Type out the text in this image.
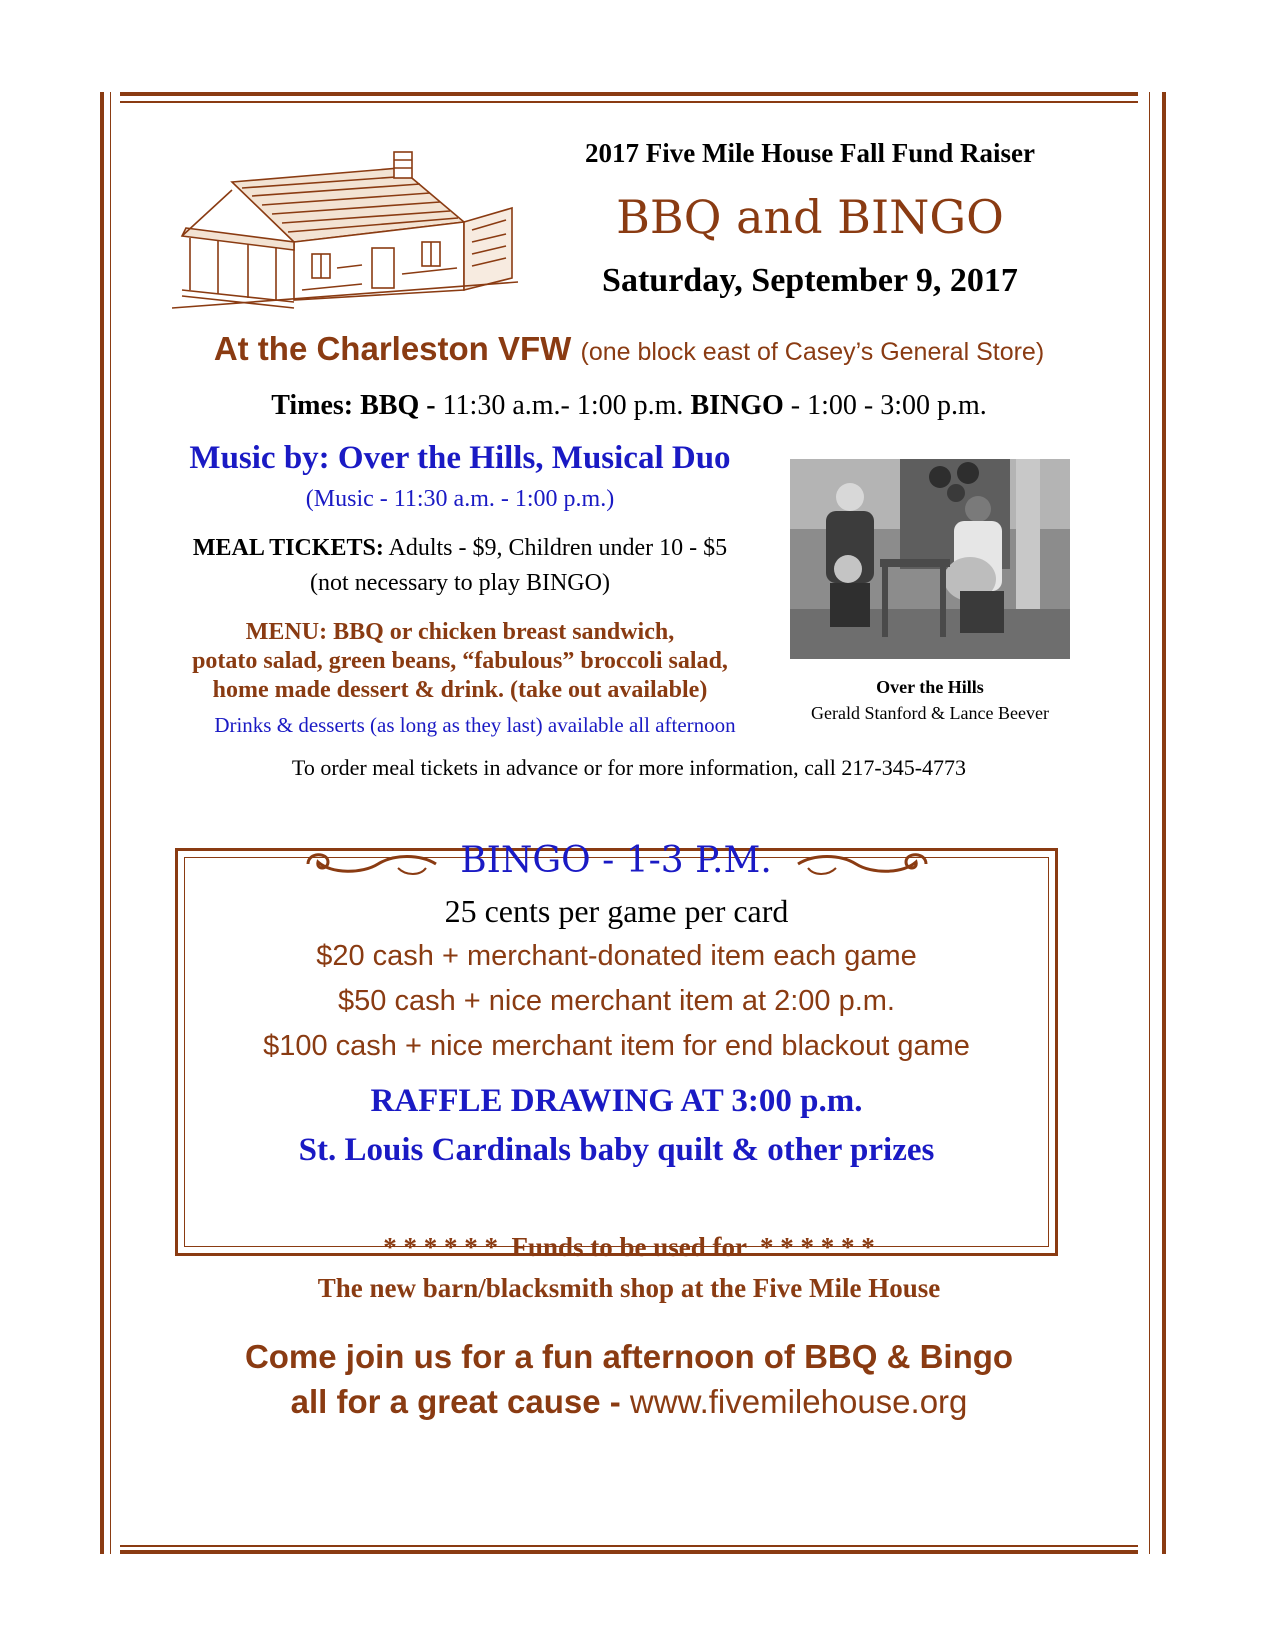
2017 Five Mile House Fall Fund Raiser
BBQ and BINGO
Saturday, September 9, 2017
At the Charleston VFW (one block east of Casey’s General Store)
Times: BBQ - 11:30 a.m.- 1:00 p.m. BINGO - 1:00 - 3:00 p.m.
Music by: Over the Hills, Musical Duo
(Music - 11:30 a.m. - 1:00 p.m.)
MEAL TICKETS: Adults - $9, Children under 10 - $5
(not necessary to play BINGO)
MENU: BBQ or chicken breast sandwich,
potato salad, green beans, “fabulous” broccoli salad,
home made dessert & drink. (take out available)
Drinks & desserts (as long as they last) available all afternoon
Over the Hills
Gerald Stanford & Lance Beever
To order meal tickets in advance or for more information, call 217-345-4773
BINGO - 1-3 P.M.
25 cents per game per card
$20 cash + merchant-donated item each game
$50 cash + nice merchant item at 2:00 p.m.
$100 cash + nice merchant item for end blackout game
RAFFLE DRAWING AT 3:00 p.m.
St. Louis Cardinals baby quilt & other prizes
* * * * * *  Funds to be used for  * * * * * *
The new barn/blacksmith shop at the Five Mile House
Come join us for a fun afternoon of BBQ & Bingo
all for a great cause - www.fivemilehouse.org
